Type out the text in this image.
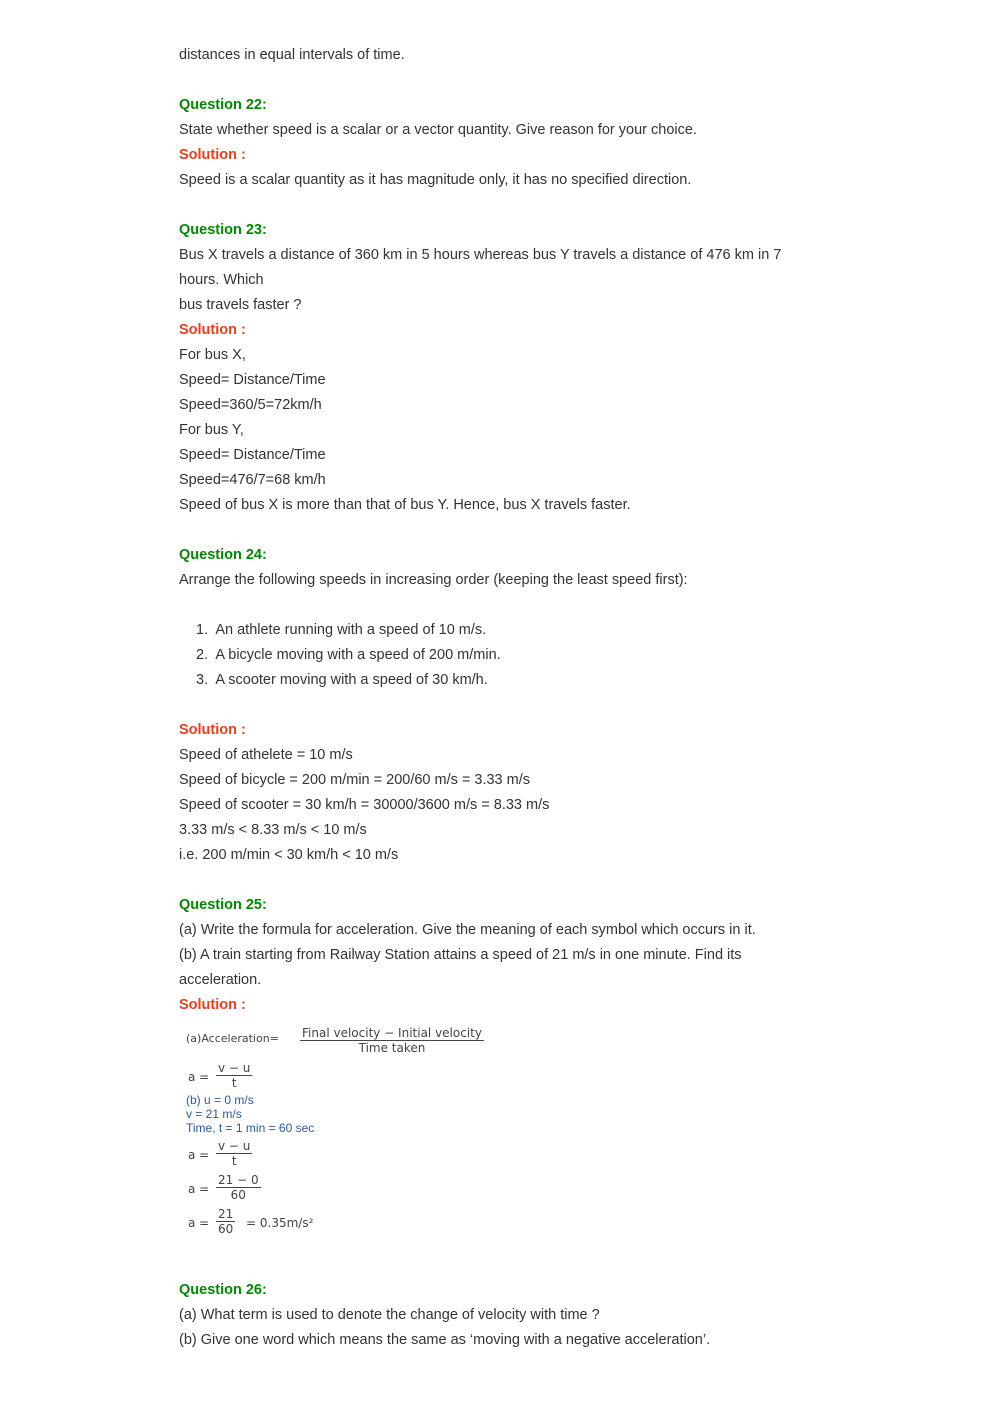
distances in equal intervals of time.
Question 22:
State whether speed is a scalar or a vector quantity. Give reason for your choice.
Solution :
Speed is a scalar quantity as it has magnitude only, it has no specified direction.
Question 23:
Bus X travels a distance of 360 km in 5 hours whereas bus Y travels a distance of 476 km in 7
hours. Which
bus travels faster ?
Solution :
For bus X,
Speed= Distance/Time
Speed=360/5=72km/h
For bus Y,
Speed= Distance/Time
Speed=476/7=68 km/h
Speed of bus X is more than that of bus Y. Hence, bus X travels faster.
Question 24:
Arrange the following speeds in increasing order (keeping the least speed first):
1.  An athlete running with a speed of 10 m/s.
2.  A bicycle moving with a speed of 200 m/min.
3.  A scooter moving with a speed of 30 km/h.
Solution :
Speed of athelete = 10 m/s
Speed of bicycle = 200 m/min = 200/60 m/s = 3.33 m/s
Speed of scooter = 30 km/h = 30000/3600 m/s = 8.33 m/s
3.33 m/s < 8.33 m/s < 10 m/s
i.e. 200 m/min < 30 km/h < 10 m/s
Question 25:
(a) Write the formula for acceleration. Give the meaning of each symbol which occurs in it.
(b) A train starting from Railway Station attains a speed of 21 m/s in one minute. Find its
acceleration.
Solution :
(a)Acceleration= Final velocity − Initial velocity
Time taken
$a = \frac{v - u}{t}$
(b) u = 0 m/s
v = 21 m/s
Time, t = 1 min = 60 sec
$a = \frac{v - u}{t}$
$a = \frac{21 - 0}{60}$
$a = \frac{21}{60} = 0.35m/s^2$
Question 26:
(a) What term is used to denote the change of velocity with time ?
(b) Give one word which means the same as ‘moving with a negative acceleration’.
